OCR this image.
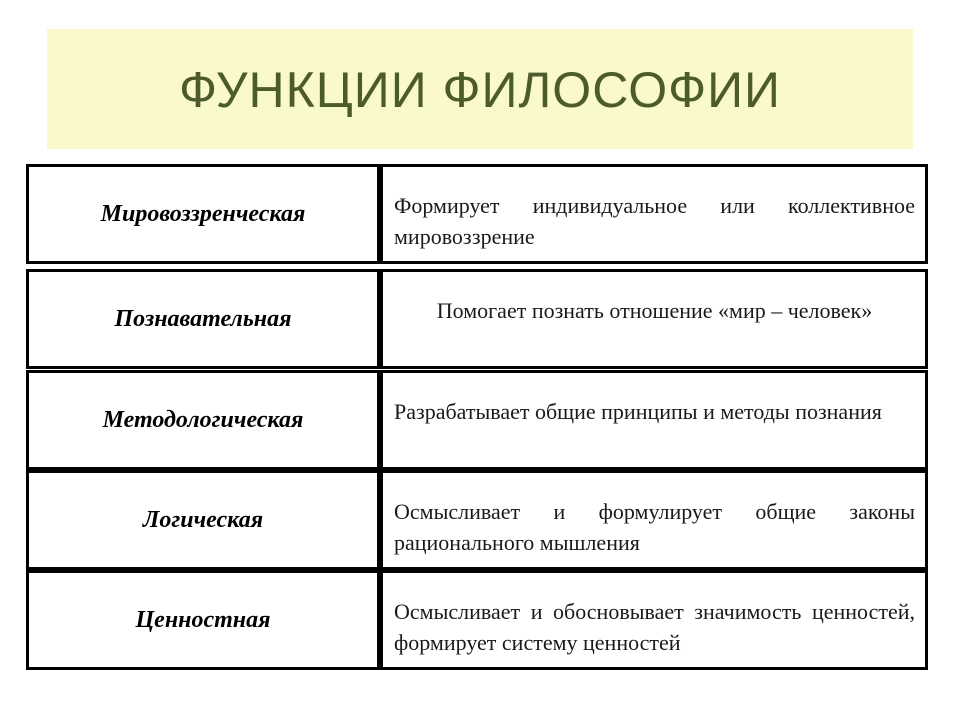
ФУНКЦИИ ФИЛОСОФИИ
Мировоззренческая	Формирует индивидуальное или коллективное мировоззрение
Познавательная	Помогает познать отношение «мир – человек»
Методологическая	Разрабатывает общие принципы и методы познания
Логическая	Осмысливает и формулирует общие законы рационального мышления
Ценностная	Осмысливает и обосновывает значимость ценностей, формирует систему ценностей
